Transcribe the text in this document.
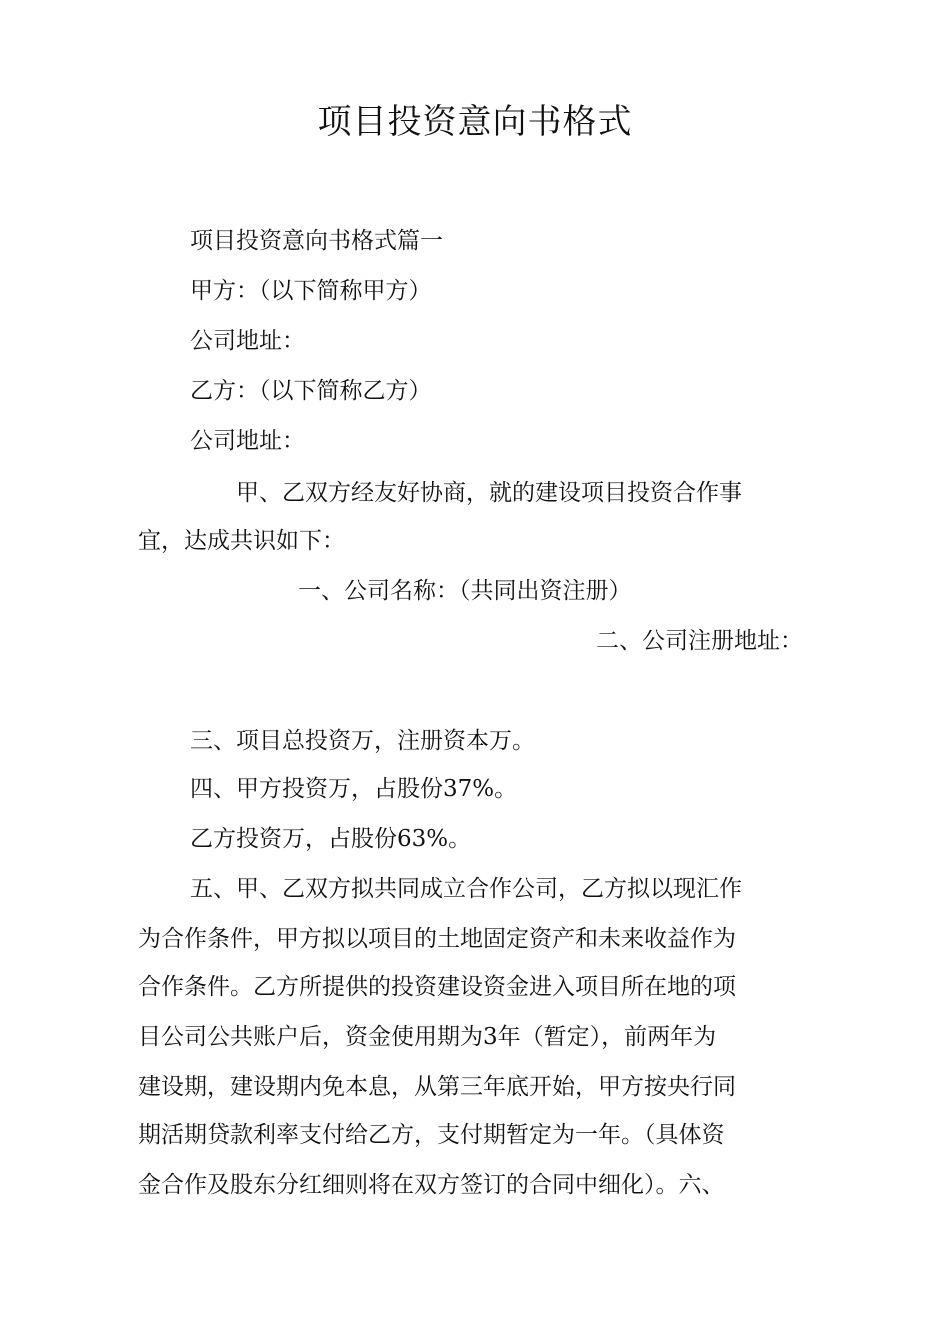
项目投资意向书格式
项目投资意向书格式篇一
甲方：（以下简称甲方）
公司地址：
乙方：（以下简称乙方）
公司地址：
甲、乙双方经友好协商，就的建设项目投资合作事
宜，达成共识如下：
一、公司名称：（共同出资注册）
二、公司注册地址：
三、项目总投资万，注册资本万。
四、甲方投资万，占股份37%。
乙方投资万，占股份63%。
五、甲、乙双方拟共同成立合作公司，乙方拟以现汇作
为合作条件，甲方拟以项目的土地固定资产和未来收益作为
合作条件。乙方所提供的投资建设资金进入项目所在地的项
目公司公共账户后，资金使用期为3年（暂定），前两年为
建设期，建设期内免本息，从第三年底开始，甲方按央行同
期活期贷款利率支付给乙方，支付期暂定为一年。（具体资
金合作及股东分红细则将在双方签订的合同中细化）。六、
